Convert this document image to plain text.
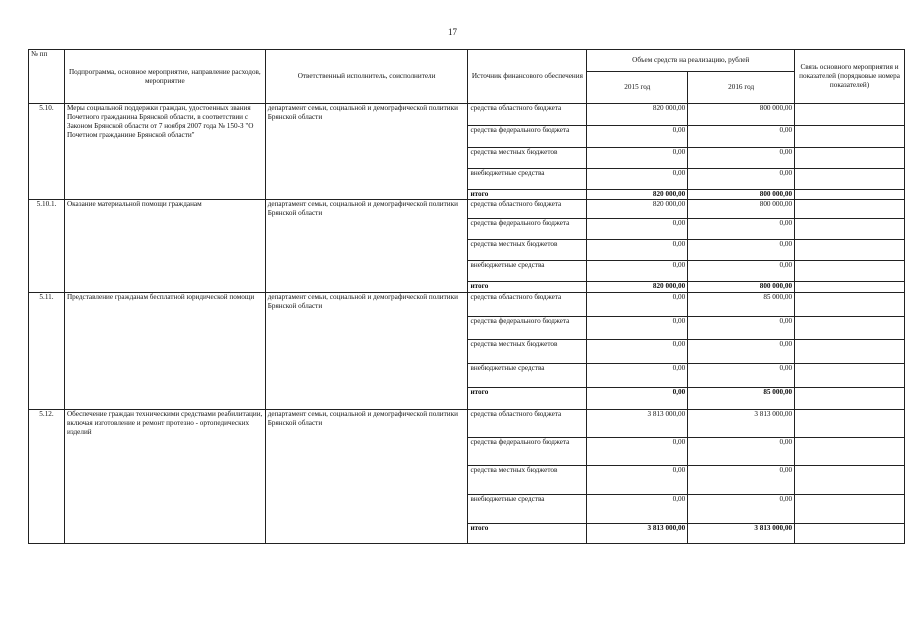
17
№ пп	Подпрограмма, основное мероприятие, направление расходов, мероприятие	Ответственный исполнитель, соисполнители	Источник финансового обеспечения	Объем средств на реализацию, рублей		Связь основного мероприятия и показателей (порядковые номера показателей)
				2015 год	2016 год	
5.10.	Меры социальной поддержки граждан, удостоенных звания Почетного гражданина Брянской области, в соответствии с Законом Брянской области от 7 ноября 2007 года № 150-З "О Почетном гражданине Брянской области"	департамент семьи, социальной и демографической политики Брянской области	средства областного бюджета	820 000,00	800 000,00	
			средства федерального бюджета	0,00	0,00	
			средства местных бюджетов	0,00	0,00	
			внебюджетные средства	0,00	0,00	
			итого	820 000,00	800 000,00	
5.10.1.	Оказание материальной помощи гражданам	департамент семьи, социальной и демографической политики Брянской области	средства областного бюджета	820 000,00	800 000,00	
			средства федерального бюджета	0,00	0,00	
			средства местных бюджетов	0,00	0,00	
			внебюджетные средства	0,00	0,00	
			итого	820 000,00	800 000,00	
5.11.	Представление гражданам бесплатной юридической помощи	департамент семьи, социальной и демографической политики Брянской области	средства областного бюджета	0,00	85 000,00	
			средства федерального бюджета	0,00	0,00	
			средства местных бюджетов	0,00	0,00	
			внебюджетные средства	0,00	0,00	
			итого	0,00	85 000,00	
5.12.	Обеспечение граждан техническими средствами реабилитации, включая изготовление и ремонт протезно - ортопедических изделий	департамент семьи, социальной и демографической политики Брянской области	средства областного бюджета	3 813 000,00	3 813 000,00	
			средства федерального бюджета	0,00	0,00	
			средства местных бюджетов	0,00	0,00	
			внебюджетные средства	0,00	0,00	
			итого	3 813 000,00	3 813 000,00	
